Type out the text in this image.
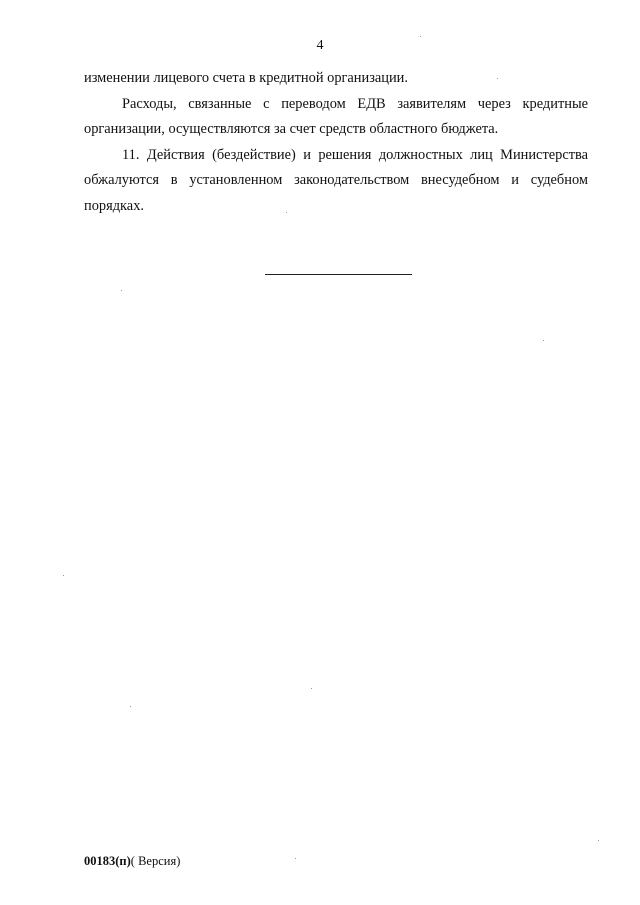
4

изменении лицевого счета в кредитной организации.

Расходы, связанные с переводом ЕДВ заявителям через кредитные организации, осуществляются за счет средств областного бюджета.

11. Действия (бездействие) и решения должностных лиц Министерства обжалуются в установленном законодательством внесудебном и судебном порядках.

00183(п)( Версия)
